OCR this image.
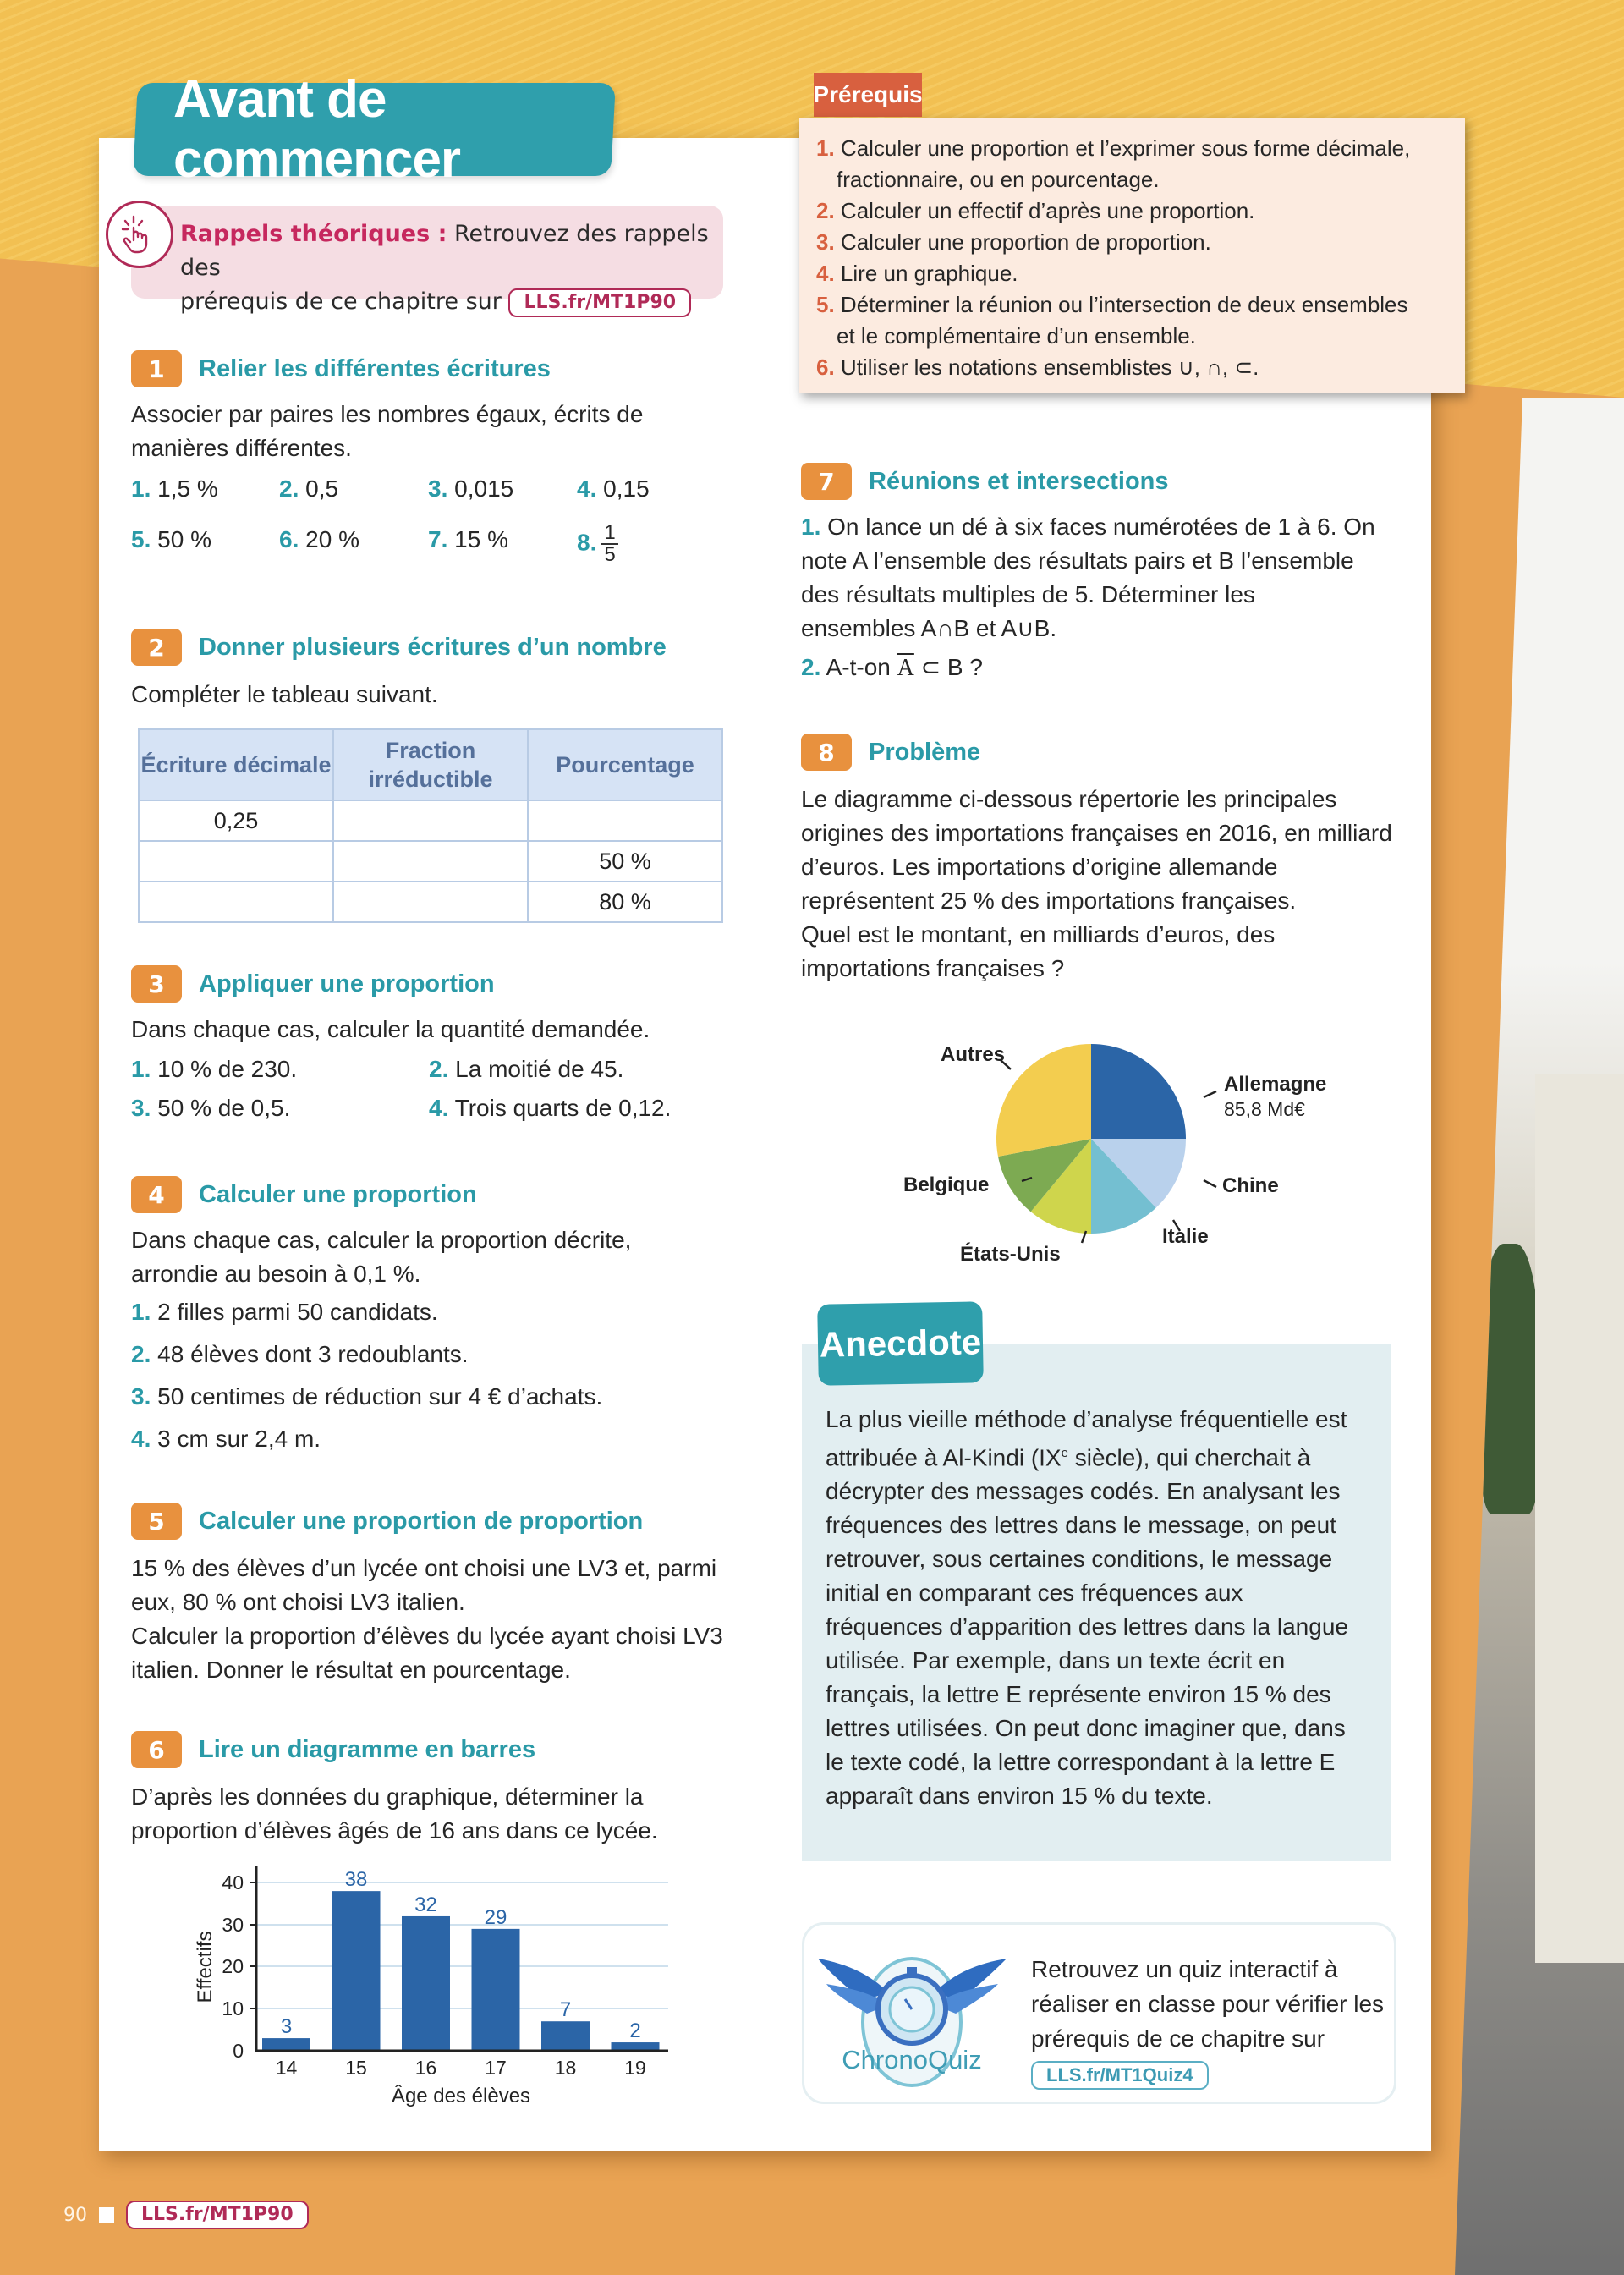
Avant de commencer
Rappels théoriques : Retrouvez des rappels des
prérequis de ce chapitre sur LLS.fr/MT1P90
Prérequis
1. Calculer une proportion et l’exprimer sous forme décimale,
fractionnaire, ou en pourcentage.
2. Calculer un effectif d’après une proportion.
3. Calculer une proportion de proportion.
4. Lire un graphique.
5. Déterminer la réunion ou l’intersection de deux ensembles
et le complémentaire d’un ensemble.
6. Utiliser les notations ensemblistes ∪, ∩, ⊂.
1	Relier les différentes écritures
Associer par paires les nombres égaux, écrits de manières différentes.
1. 1,5 %	2. 0,5	3. 0,015	4. 0,15
5. 50 %	6. 20 %	7. 15 %	8. $\frac{1}{5}$
2	Donner plusieurs écritures d’un nombre
Compléter le tableau suivant.
Écriture décimale	Fraction irréductible	Pourcentage
0,25		
		50 %
		80 %
3	Appliquer une proportion
Dans chaque cas, calculer la quantité demandée.
1. 10 % de 230.	2. La moitié de 45.
3. 50 % de 0,5.	4. Trois quarts de 0,12.
4	Calculer une proportion
Dans chaque cas, calculer la proportion décrite, arrondie au besoin à 0,1 %.
1. 2 filles parmi 50 candidats.
2. 48 élèves dont 3 redoublants.
3. 50 centimes de réduction sur 4 € d’achats.
4. 3 cm sur 2,4 m.
5	Calculer une proportion de proportion
15 % des élèves d’un lycée ont choisi une LV3 et, parmi eux, 80 % ont choisi LV3 italien.
Calculer la proportion d’élèves du lycée ayant choisi LV3 italien. Donner le résultat en pourcentage.
6	Lire un diagramme en barres
D’après les données du graphique, déterminer la proportion d’élèves âgés de 16 ans dans ce lycée.
3
38
32
29
7
2
40
30
20
10
0
14 15 16 17 18 19
Âge des élèves
Effectifs
7	Réunions et intersections
1. On lance un dé à six faces numérotées de 1 à 6. On note A l’ensemble des résultats pairs et B l’ensemble des résultats multiples de 5. Déterminer les ensembles A∩B et A∪B.
2. A-t-on $\overline{A}$ ⊂ B ?
8	Problème
Le diagramme ci-dessous répertorie les principales origines des importations françaises en 2016, en milliard d’euros. Les importations d’origine allemande représentent 25 % des importations françaises.
Quel est le montant, en milliards d’euros, des importations françaises ?
Allemagne
Chine
Italie
États-Unis
Belgique
Autres
85,8 Md€
La plus vieille méthode d’analyse fréquentielle est attribuée à Al-Kindi (IXe siècle), qui cherchait à décrypter des messages codés. En analysant les fréquences des lettres dans le message, on peut retrouver, sous certaines conditions, le message initial en comparant ces fréquences aux fréquences d’apparition des lettres dans la langue utilisée. Par exemple, dans un texte écrit en français, la lettre E représente environ 15 % des lettres utilisées. On peut donc imaginer que, dans le texte codé, la lettre correspondant à la lettre E apparaît dans environ 15 % du texte.
Anecdote
ChronoQuiz
Retrouvez un quiz interactif à réaliser en classe pour vérifier les prérequis de ce chapitre sur LLS.fr/MT1Quiz4
90	LLS.fr/MT1P90
